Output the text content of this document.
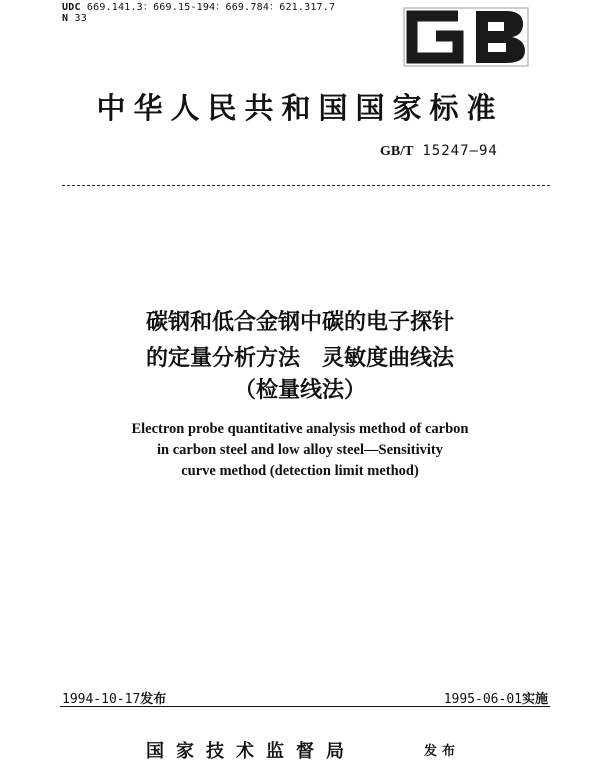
UDC 669.141.3：669.15-194：669.784：621.317.7
N 33
中华人民共和国国家标准
GB/T 15247—94
碳钢和低合金钢中碳的电子探针
的定量分析方法　灵敏度曲线法
（检量线法）
Electron probe quantitative analysis method of carbon
in carbon steel and low alloy steel—Sensitivity
curve method (detection limit method)
1994-10-17发布	1995-06-01实施
国家技术监督局	发布
